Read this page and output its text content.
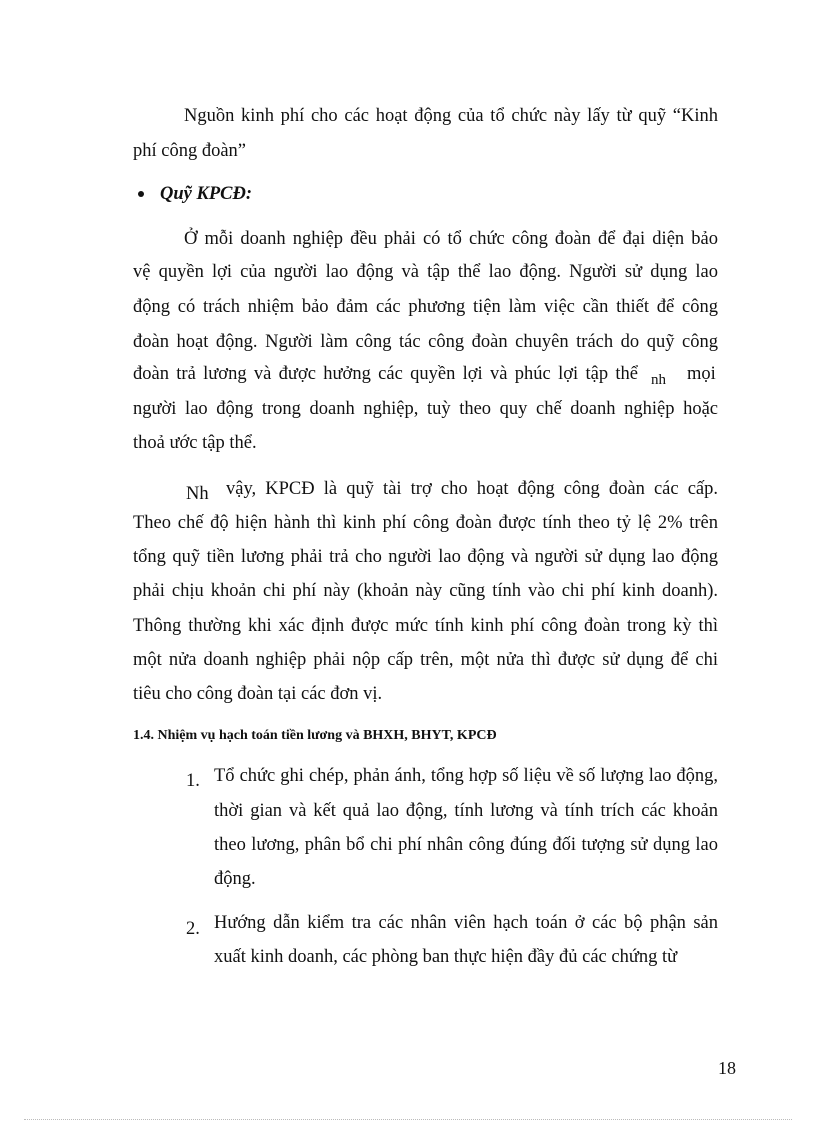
Nguồn kinh phí cho các hoạt động của tổ chức này lấy từ quỹ “Kinh
phí công đoàn”
Quỹ KPCĐ:
Ở mỗi doanh nghiệp đều phải có tổ chức công đoàn để đại diện bảo
vệ quyền lợi của người lao động và tập thể lao động. Người sử dụng lao
động có trách nhiệm bảo đảm các phương tiện làm việc cần thiết để công
đoàn hoạt động. Người làm công tác công đoàn chuyên trách do quỹ công
đoàn trả lương và được hưởng các quyền lợi và phúc lợi tập thể nh mọi
người lao động trong doanh nghiệp, tuỳ theo quy chế doanh nghiệp hoặc
thoả ước tập thể.
Nh vậy, KPCĐ là quỹ tài trợ cho hoạt động công đoàn các cấp.
Theo chế độ hiện hành thì kinh phí công đoàn được tính theo tỷ lệ 2% trên
tổng quỹ tiền lương phải trả cho người lao động và người sử dụng lao động
phải chịu khoản chi phí này (khoản này cũng tính vào chi phí kinh doanh).
Thông thường khi xác định được mức tính kinh phí công đoàn trong kỳ thì
một nửa doanh nghiệp phải nộp cấp trên, một nửa thì được sử dụng để chi
tiêu cho công đoàn tại các đơn vị.
1.4. Nhiệm vụ hạch toán tiền lương và BHXH, BHYT, KPCĐ
1. Tổ chức ghi chép, phản ánh, tổng hợp số liệu về số lượng lao động,
thời gian và kết quả lao động, tính lương và tính trích các khoản
theo lương, phân bổ chi phí nhân công đúng đối tượng sử dụng lao
động.
2. Hướng dẫn kiểm tra các nhân viên hạch toán ở các bộ phận sản
xuất kinh doanh, các phòng ban thực hiện đầy đủ các chứng từ
18
